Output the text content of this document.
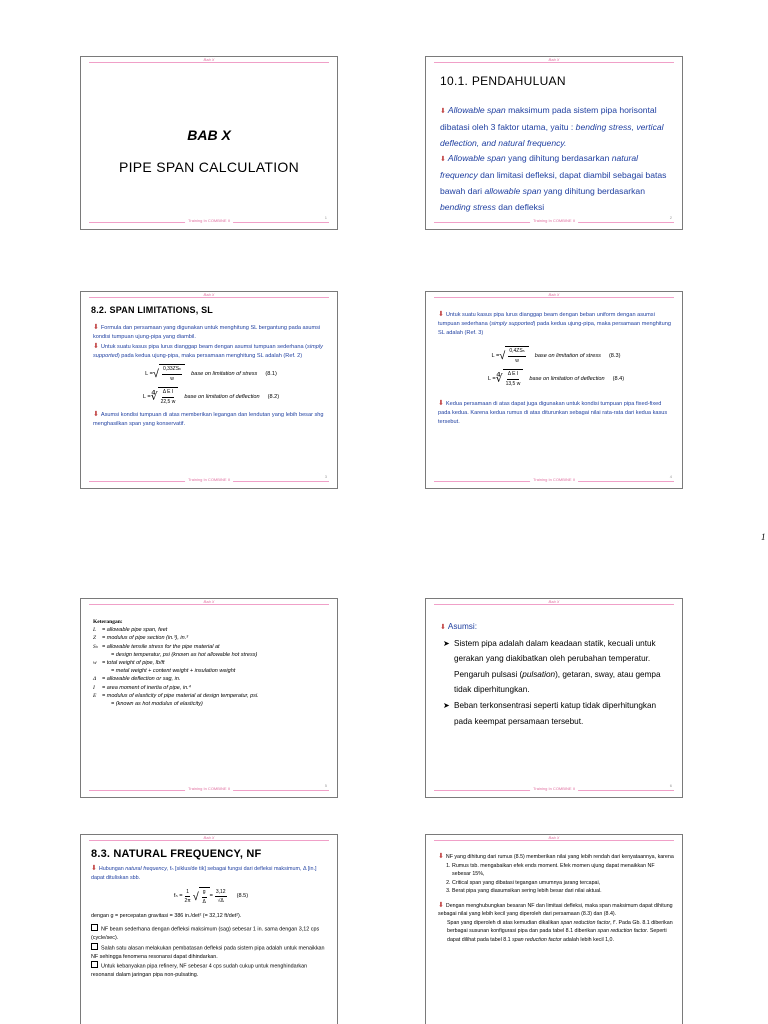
Bab X
BAB X
PIPE SPAN CALCULATION
Training In COMBINE II
1
Bab X
10.1. PENDAHULUAN
⬇ Allowable span maksimum pada sistem pipa horisontal dibatasi oleh 3 faktor utama, yaitu : bending stress, vertical deflection, and natural frequency.
⬇ Allowable span yang dihitung berdasarkan natural frequency dan limitasi defleksi, dapat diambil sebagai batas bawah dari allowable span yang dihitung berdasarkan bending stress dan defleksi
Training In COMBINE II
2
Bab X
8.2. SPAN LIMITATIONS, SL
⬇ Formula dan persamaan yang digunakan untuk menghitung SL bergantung pada asumsi kondisi tumpuan ujung-pipa yang diambil.
⬇ Untuk suatu kasus pipa lurus dianggap beam dengan asumsi tumpuan sederhana (simply supported) pada kedua ujung-pipa, maka persamaan menghitung SL adalah (Ref. 2)
L = √ $\frac{\text{0,33ZSₕ}}{w}$ base on limitation of stress (8.1)
L = ∜ $\frac{\text{Δ E I}}{22,5 w}$ base on limitation of deflection (8.2)
⬇ Asumsi kondisi tumpuan di atas memberikan legangan dan lendutan yang lebih besar shg menghasilkan span yang konservatif.
Training In COMBINE II
3
Bab X
⬇ Untuk suatu kasus pipa lurus dianggap beam dengan beban uniform dengan asumsi tumpuan sederhana (simply supported) pada kedua ujung-pipa, maka persamaan menghitung SL adalah (Ref. 3)
L = √ $\frac{\text{0,4ZSₕ}}{w}$ base on limitation of stress (8.3)
L = ∜ $\frac{\text{Δ E I}}{13,5 w}$ base on limitation of deflection (8.4)
⬇ Kedua persamaan di atas dapat juga digunakan untuk kondisi tumpuan pipa fixed-fixed pada kedua. Karena kedua rumus di atas diturunkan sebagai nilai rata-rata dari kedua kasus tersebut.
Training In COMBINE II
4
1
Bab X
Keterangan:
L = allowable pipe span, feet
Z = modulus of pipe section (in.³), in.³
Sₕ = allowable tensile stress for the pipe material at
= design temperatur, psi (known as hot allowable hot stress)
w = total weight of pipe, lb/ft
= metal weight + content weight + insulation weight
Δ = allowable deflection or sag, in.
I = area moment of inertia of pipe, in.⁴
E = modulus of elasticity of pipe material at design temperatur, psi.
= (known as hot modulus of elasticity)
Training In COMBINE II
5
Bab X
⬇ Asumsi:
➤ Sistem pipa adalah dalam keadaan statik, kecuali untuk gerakan yang diakibatkan oleh perubahan temperatur. Pengaruh pulsasi (pulsation), getaran, sway, atau gempa tidak diperhitungkan.
➤ Beban terkonsentrasi seperti katup tidak diperhitungkan pada keempat persamaan tersebut.
Training In COMBINE II
6
Bab X
8.3. NATURAL FREQUENCY, NF
⬇ Hubungan natural frequency, fₙ [siklus/de tik] sebagai fungsi dari defleksi maksimum, Δ [in.] dapat dituliskan sbb.
$f_n = \frac{1}{2\pi}$ √ $\frac{g}{\Delta} = \frac{3,12}{√\Delta} (8.5)$
dengan g = percepatan gravitasi = 386 in./det² (= 32,12 ft/det²).
NF beam sederhana dengan defleksi maksimum (sag) sebesar 1 in. sama dengan 3,12 cps (cycle/sec).
Salah satu alasan melakukan pembatasan defleksi pada sistem pipa adalah untuk menaikkan NF sehingga fenomena resonansi dapat dihindarkan.
Untuk kebanyakan pipa refinery, NF sebesar 4 cps sudah cukup untuk menghindarkan resonansi dalam jaringan pipa non-pulsating.
Bab X
⬇ NF yang dihitung dari rumus (8.5) memberikan nilai yang lebih rendah dari kenyataannya, karena
1. Rumus tsb. mengabaikan efek ends moment. Efek momen ujung dapat menaikkan NF sebesar 15%,
2. Critical span yang dibatasi tegangan umumnya jarang tercapai,
3. Berat pipa yang diasumsikan sering lebih besar dari nilai aktual.
⬇ Dengan menghubungkan besaran NF dan limitasi defleksi, maka span maksimum dapat dihitung sebagai nilai yang lebih kecil yang diperoleh dari persamaan (8.3) dan (8.4).
Span yang diperoleh di atas kemudian dikalikan span reduction factor, f'. Pada Gb. 8.1 diberikan berbagai susunan konfigurasi pipa dan pada tabel 8.1 diberikan span reduction factor. Seperti dapat dilihat pada tabel 8.1 span reduction factor adalah lebih kecil 1,0.
